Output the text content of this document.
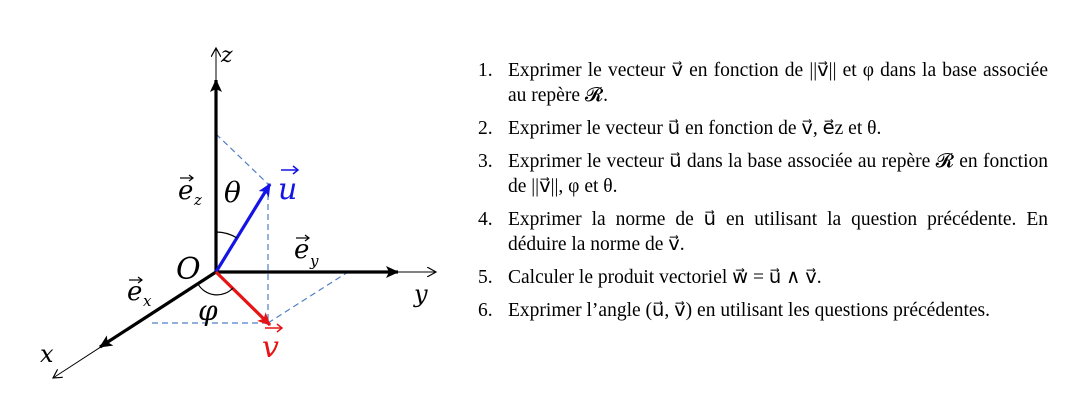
z
y
x
O
e z
e y
e x
θ
φ
u
v
1. Exprimer le vecteur v⃗ en fonction de ||v⃗|| et φ dans la base associée au repère 𝓡.
2. Exprimer le vecteur u⃗ en fonction de v⃗, e⃗z et θ.
3. Exprimer le vecteur u⃗ dans la base associée au repère 𝓡 en fonction de ||v⃗||, φ et θ.
4. Exprimer la norme de u⃗ en utilisant la question précédente. En déduire la norme de v⃗.
5. Calculer le produit vectoriel w⃗ = u⃗ ∧ v⃗.
6. Exprimer l’angle (u⃗, v⃗) en utilisant les questions précédentes.
